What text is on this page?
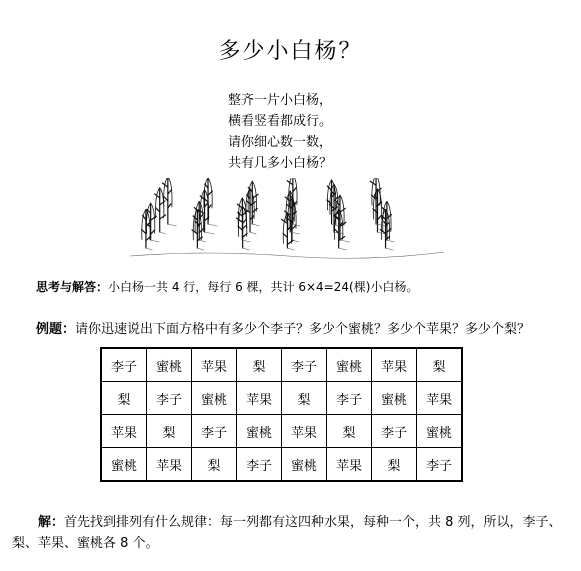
多少小白杨？
整齐一片小白杨，
横看竖看都成行。
请你细心数一数，
共有几多小白杨？
思考与解答：小白杨一共 4 行，每行 6 棵，共计 6×4=24(棵)小白杨。
例题：请你迅速说出下面方格中有多少个李子？多少个蜜桃？多少个苹果？多少个梨？
李子	蜜桃	苹果	梨	李子	蜜桃	苹果	梨
梨	李子	蜜桃	苹果	梨	李子	蜜桃	苹果
苹果	梨	李子	蜜桃	苹果	梨	李子	蜜桃
蜜桃	苹果	梨	李子	蜜桃	苹果	梨	李子
解：首先找到排列有什么规律：每一列都有这四种水果，每种一个，共 8 列，所以，李子、梨、苹果、蜜桃各 8 个。
